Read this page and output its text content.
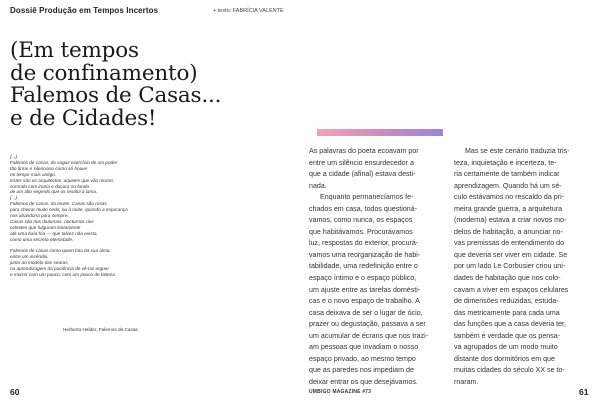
Dossiê Produção em Tempos Incertos	+ texto: FABRÍCIA VALENTE
(Em tempos
de confinamento)
Falemos de Casas...
e de Cidades!
(...)
Falemos de casas, do sagaz exercício de um poder
tão firme e silencioso como só houve
no tempo mais antigo.
Estes são os arquitectos, aqueles que vão morrer,
sorrindo com ironia e doçura no fundo
de um alto segredo que os restitui à lama.
(...)
Falemos de casas, da morte. Casas são rosas
para cheirar muito cedo, ou à noite, quando a esperança
nos abandona para sempre.
Casas são rios diuturnos, nocturnos rios
celestes que fulguram lentamente
até uma baía fria — que talvez não exista,
como uma secreta eternidade.
Falemos de casas como quem fala da sua alma,
entre um incêndio,
junto ao modelo das searas,
na aprendizagem da paciência de vê-las erguer
e morrer com um pouco, com um pouco de beleza.
Herberto Helder, Falemos de Casas
As palavras do poeta ecoavam por
entre um silêncio ensurdecedor a
que a cidade (afinal) estava desti-
nada.
Enquanto permanecíamos fe-
chados em casa, todos questioná-
vamos, como nunca, os espaços
que habitávamos. Procurávamos
luz, respostas do exterior, procurá-
vamos uma reorganização de habi-
tabilidade, uma redefinição entre o
espaço íntimo e o espaço público,
um ajuste entre as tarefas domésti-
cas e o novo espaço de trabalho. A
casa deixava de ser o lugar de ócio,
prazer ou degustação, passava a ser
um acumular de écrans que nos trazi-
am pessoas que invadiam o nosso
espaço privado, ao mesmo tempo
que as paredes nos impediam de
deixar entrar os que desejávamos.
Mas se este cenário traduzia tris-
teza, inquietação e incerteza, te-
ria certamente de também indicar
aprendizagem. Quando há um sé-
culo estávamos no rescaldo da pri-
meira grande guerra, a arquitetura
(moderna) estava a criar novos mo-
delos de habitação, a anunciar no-
vas premissas de entendimento do
que deveria ser viver em cidade. Se
por um lado Le Corbusier criou uni-
dades de habitação que nos colo-
cavam a viver em espaços celulares
de dimensões reduzidas, estuda-
das metricamente para cada uma
das funções que a casa deveria ter,
também é verdade que os pensa-
va agrupados de um modo muito
distante dos dormitórios em que
muitas cidades do século XX se to-
rnaram.
60	UMBIGO MAGAZINE #73	61
